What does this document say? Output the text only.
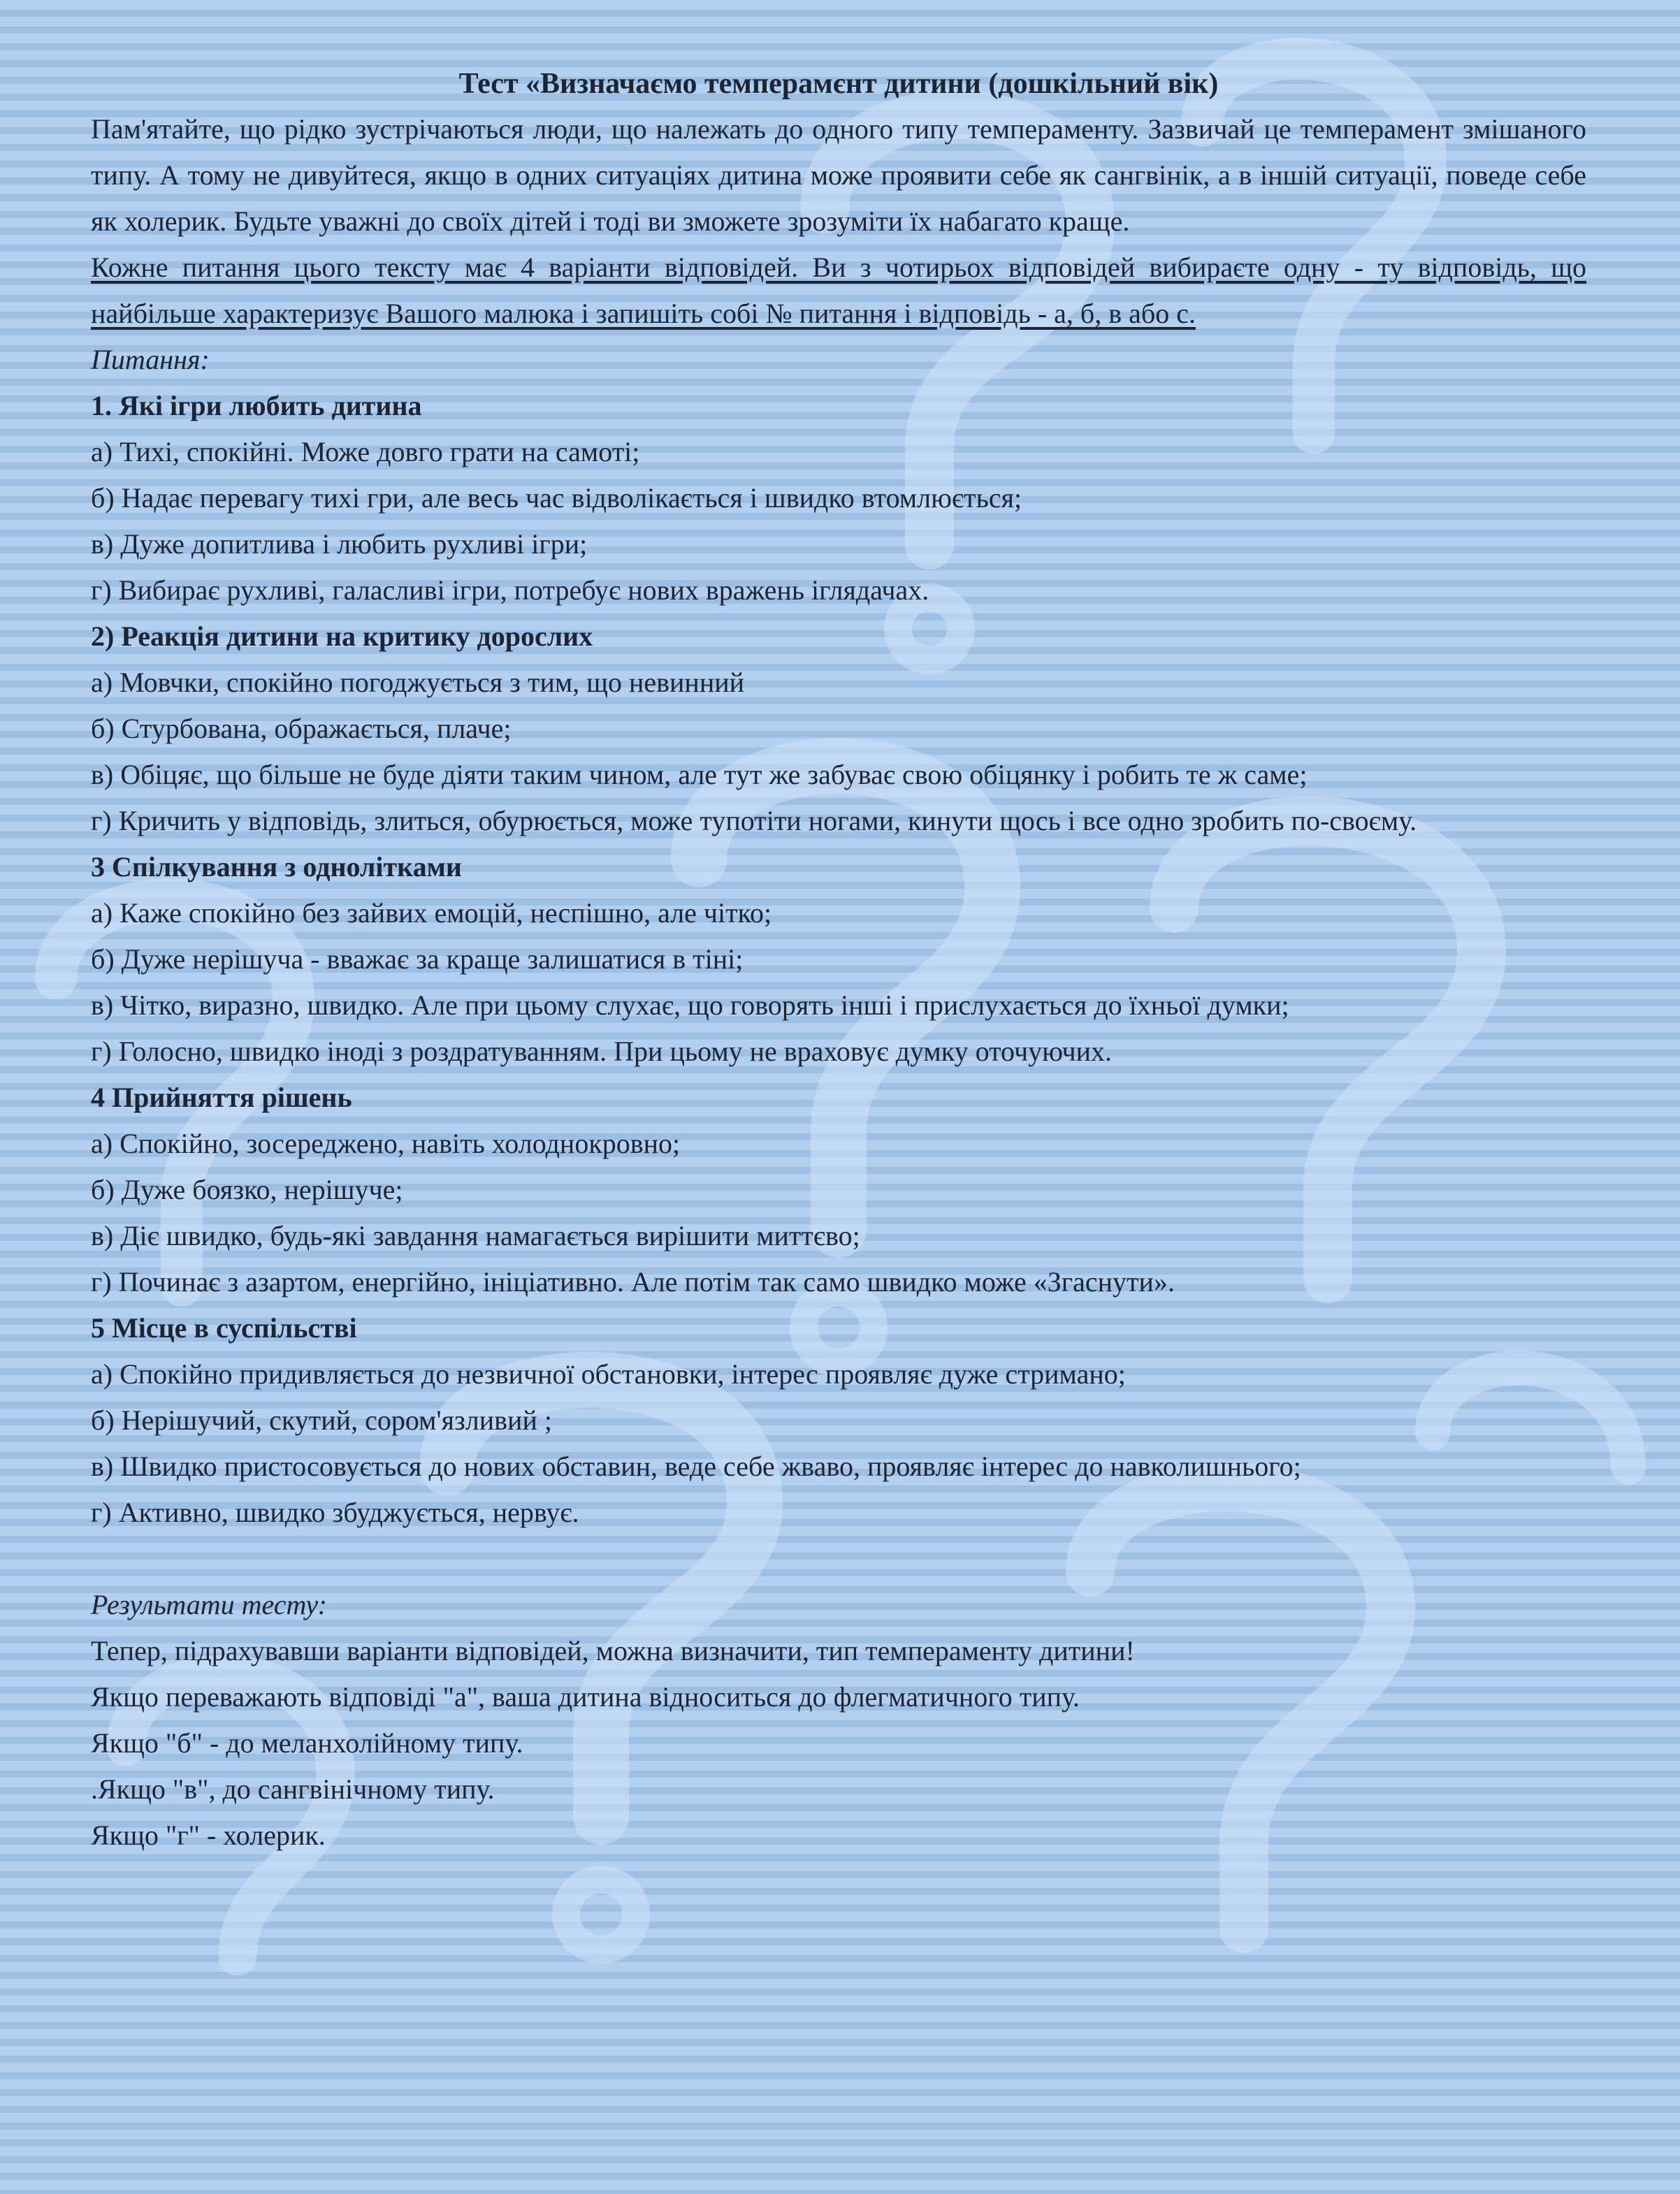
Тест «Визначаємо темперамєнт дитини (дошкільний вік)

Пам'ятайте, що рідко зустрічаються люди, що належать до одного типу темпераменту. Зазвичай це темперамент змішаного типу. А тому не дивуйтеся, якщо в одних ситуаціях дитина може проявити себе як сангвінік, а в іншій ситуації, поведе себе як холерик. Будьте уважні до своїх дітей і тоді ви зможете зрозуміти їх набагато краще.

Кожне питання цього тексту має 4 варіанти відповідей. Ви з чотирьох відповідей вибираєте одну - ту відповідь, що найбільше характеризує Вашого малюка і запишіть собі № питання і відповідь - а, б, в або с.

Питання:

1. Які ігри любить дитина

а) Тихі, спокійні. Може довго грати на самоті;

б) Надає перевагу тихі гри, але весь час відволікається і швидко втомлюється;

в) Дуже допитлива і любить рухливі ігри;

г) Вибирає рухливі, галасливі ігри, потребує нових вражень іглядачах.

2) Реакція дитини на критику дорослих

а) Мовчки, спокійно погоджується з тим, що невинний

б) Стурбована, ображається, плаче;

в) Обіцяє, що більше не буде діяти таким чином, але тут же забуває свою обіцянку і робить те ж саме;

г) Кричить у відповідь, злиться, обурюється, може тупотіти ногами, кинути щось і все одно зробить по-своєму.

3 Спілкування з однолітками

а) Каже спокійно без зайвих емоцій, неспішно, але чітко;

б) Дуже нерішуча - вважає за краще залишатися в тіні;

в) Чітко, виразно, швидко. Але при цьому слухає, що говорять інші і прислухається до їхньої думки;

г) Голосно, швидко іноді з роздратуванням. При цьому не враховує думку оточуючих.

4 Прийняття рішень

а) Спокійно, зосереджено, навіть холоднокровно;

б) Дуже боязко, нерішуче;

в) Діє швидко, будь-які завдання намагається вирішити миттєво;

г) Починає з азартом, енергійно, ініціативно. Але потім так само швидко може «Згаснути».

5 Місце в суспільстві

а) Спокійно придивляється до незвичної обстановки, інтерес проявляє дуже стримано;

б) Нерішучий, скутий, сором'язливий ;

в) Швидко пристосовується до нових обставин, веде себе жваво, проявляє інтерес до навколишнього;

г) Активно, швидко збуджується, нервує.

Результати тесту:

Тепер, підрахувавши варіанти відповідей, можна визначити, тип темпераменту дитини!

Якщо переважають відповіді "а", ваша дитина відноситься до флегматичного типу.

Якщо "б" - до меланхолійному типу.

.Якщо "в", до сангвінічному типу.

Якщо "г" - холерик.
